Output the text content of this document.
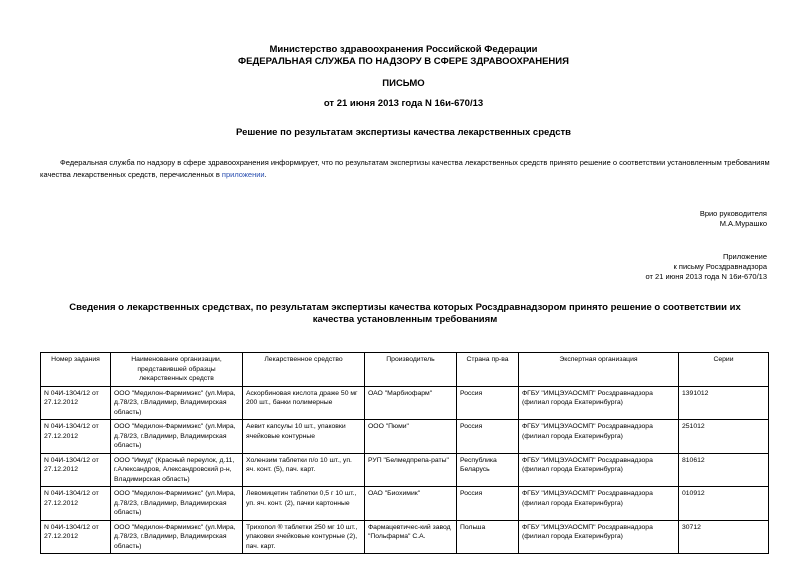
Министерство здравоохранения Российской Федерации
ФЕДЕРАЛЬНАЯ СЛУЖБА ПО НАДЗОРУ В СФЕРЕ ЗДРАВООХРАНЕНИЯ
ПИСЬМО
от 21 июня 2013 года N 16и-670/13
Решение по результатам экспертизы качества лекарственных средств
Федеральная служба по надзору в сфере здравоохранения информирует, что по результатам экспертизы качества лекарственных средств принято решение о соответствии установленным требованиям качества лекарственных средств, перечисленных в приложении.
Врио руководителя
М.А.Мурашко
Приложение
к письму Росздравнадзора
от 21 июня 2013 года N 16и-670/13
Сведения о лекарственных средствах, по результатам экспертизы качества которых Росздравнадзором принято решение о соответствии их качества установленным требованиям
Номер задания	Наименование организации, представившей образцы лекарственных средств	Лекарственное средство	Производитель	Страна пр-ва	Экспертная организация	Серии
N 04И-1304/12 от 27.12.2012	ООО "Медилон-Фармимэкс" (ул.Мира, д.78/23, г.Владимир, Владимирская область)	Аскорбиновая кислота драже 50 мг 200 шт., банки полимерные	ОАО "Марбиофарм"	Россия	ФГБУ "ИМЦЭУАОСМП" Росздравнадзора (филиал города Екатеринбурга)	1391012
N 04И-1304/12 от 27.12.2012	ООО "Медилон-Фармимэкс" (ул.Мира, д.78/23, г.Владимир, Владимирская область)	Аевит капсулы 10 шт., упаковки ячейковые контурные	ООО "Пюми"	Россия	ФГБУ "ИМЦЭУАОСМП" Росздравнадзора (филиал города Екатеринбурга)	251012
N 04И-1304/12 от 27.12.2012	ООО "Имуд" (Красный переулок, д.11, г.Александров, Александровский р-н, Владимирская область)	Холензим таблетки п/о 10 шт., уп. яч. конт. (5), пач. карт.	РУП "Белмедпрепа-раты"	Республика Беларусь	ФГБУ "ИМЦЭУАОСМП" Росздравнадзора (филиал города Екатеринбурга)	810612
N 04И-1304/12 от 27.12.2012	ООО "Медилон-Фармимэкс" (ул.Мира, д.78/23, г.Владимир, Владимирская область)	Левомицетин таблетки 0,5 г 10 шт., уп. яч. конт. (2), пачки картонные	ОАО "Биохимик"	Россия	ФГБУ "ИМЦЭУАОСМП" Росздравнадзора (филиал города Екатеринбурга)	010912
N 04И-1304/12 от 27.12.2012	ООО "Медилон-Фармимэкс" (ул.Мира, д.78/23, г.Владимир, Владимирская область)	Трихопол ® таблетки 250 мг 10 шт., упаковки ячейковые контурные (2), пач. карт.	Фармацевтичес-кий завод "Польфарма" С.А.	Польша	ФГБУ "ИМЦЭУАОСМП" Росздравнадзора (филиал города Екатеринбурга)	30712
